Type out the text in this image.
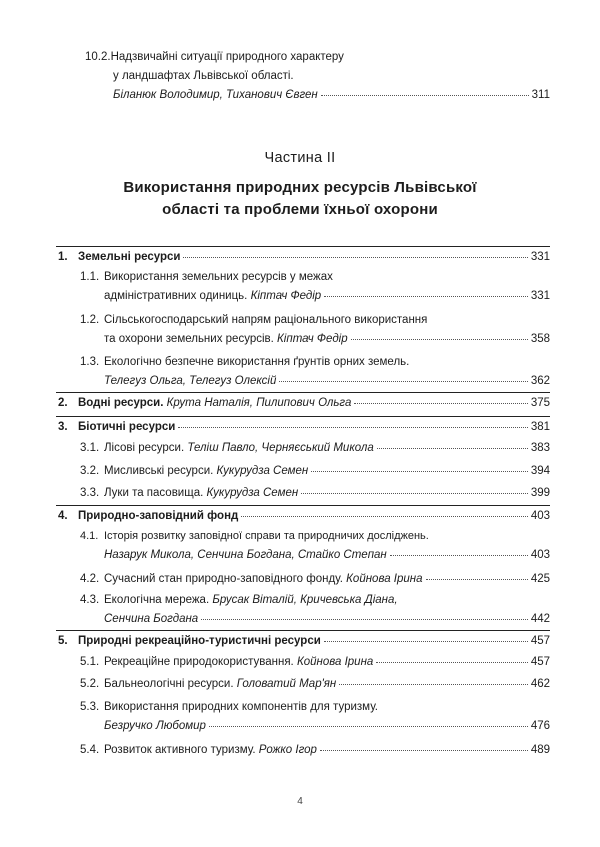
10.2.Надзвичайні ситуації природного характеру
у ландшафтах Львівської області.
Біланюк Володимир, Тиханович Євген	311
Частина II
Використання природних ресурсів Львівської
області та проблеми їхньої охорони
1. Земельні ресурси	331
1.1. Використання земельних ресурсів у межах
адміністративних одиниць.
Кіптач Федір	331
1.2. Сільськогосподарський напрям раціонального використання
та охорони земельних ресурсів.
Кіптач Федір	358
1.3. Екологічно безпечне використання ґрунтів орних земель.
Телегуз Ольга, Телегуз Олексій	362
2. Водні ресурси.
Крута Наталія, Пилипович Ольга	375
3. Біотичні ресурси	381
3.1. Лісові ресурси.
Теліш Павло, Черняєський Микола	383
3.2. Мисливські ресурси.
Кукурудза Семен	394
3.3. Луки та пасовища.
Кукурудза Семен	399
4. Природно-заповідний фонд	403
4.1. Історія розвитку заповідної справи та природничих досліджень.
Назарук Микола, Сенчина Богдана, Стайко Степан	403
4.2. Сучасний стан природно-заповідного фонду.
Койнова Ірина	425
4.3. Екологічна мережа. Брусак Віталій, Кричевська Діана,
Сенчина Богдана	442
5. Природні рекреаційно-туристичні ресурси	457
5.1. Рекреаційне природокористування.
Койнова Ірина	457
5.2. Бальнеологічні ресурси.
Головатий Мар'ян	462
5.3. Використання природних компонентів для туризму.
Безручко Любомир	476
5.4. Розвиток активного туризму.
Рожко Ігор	489
4
